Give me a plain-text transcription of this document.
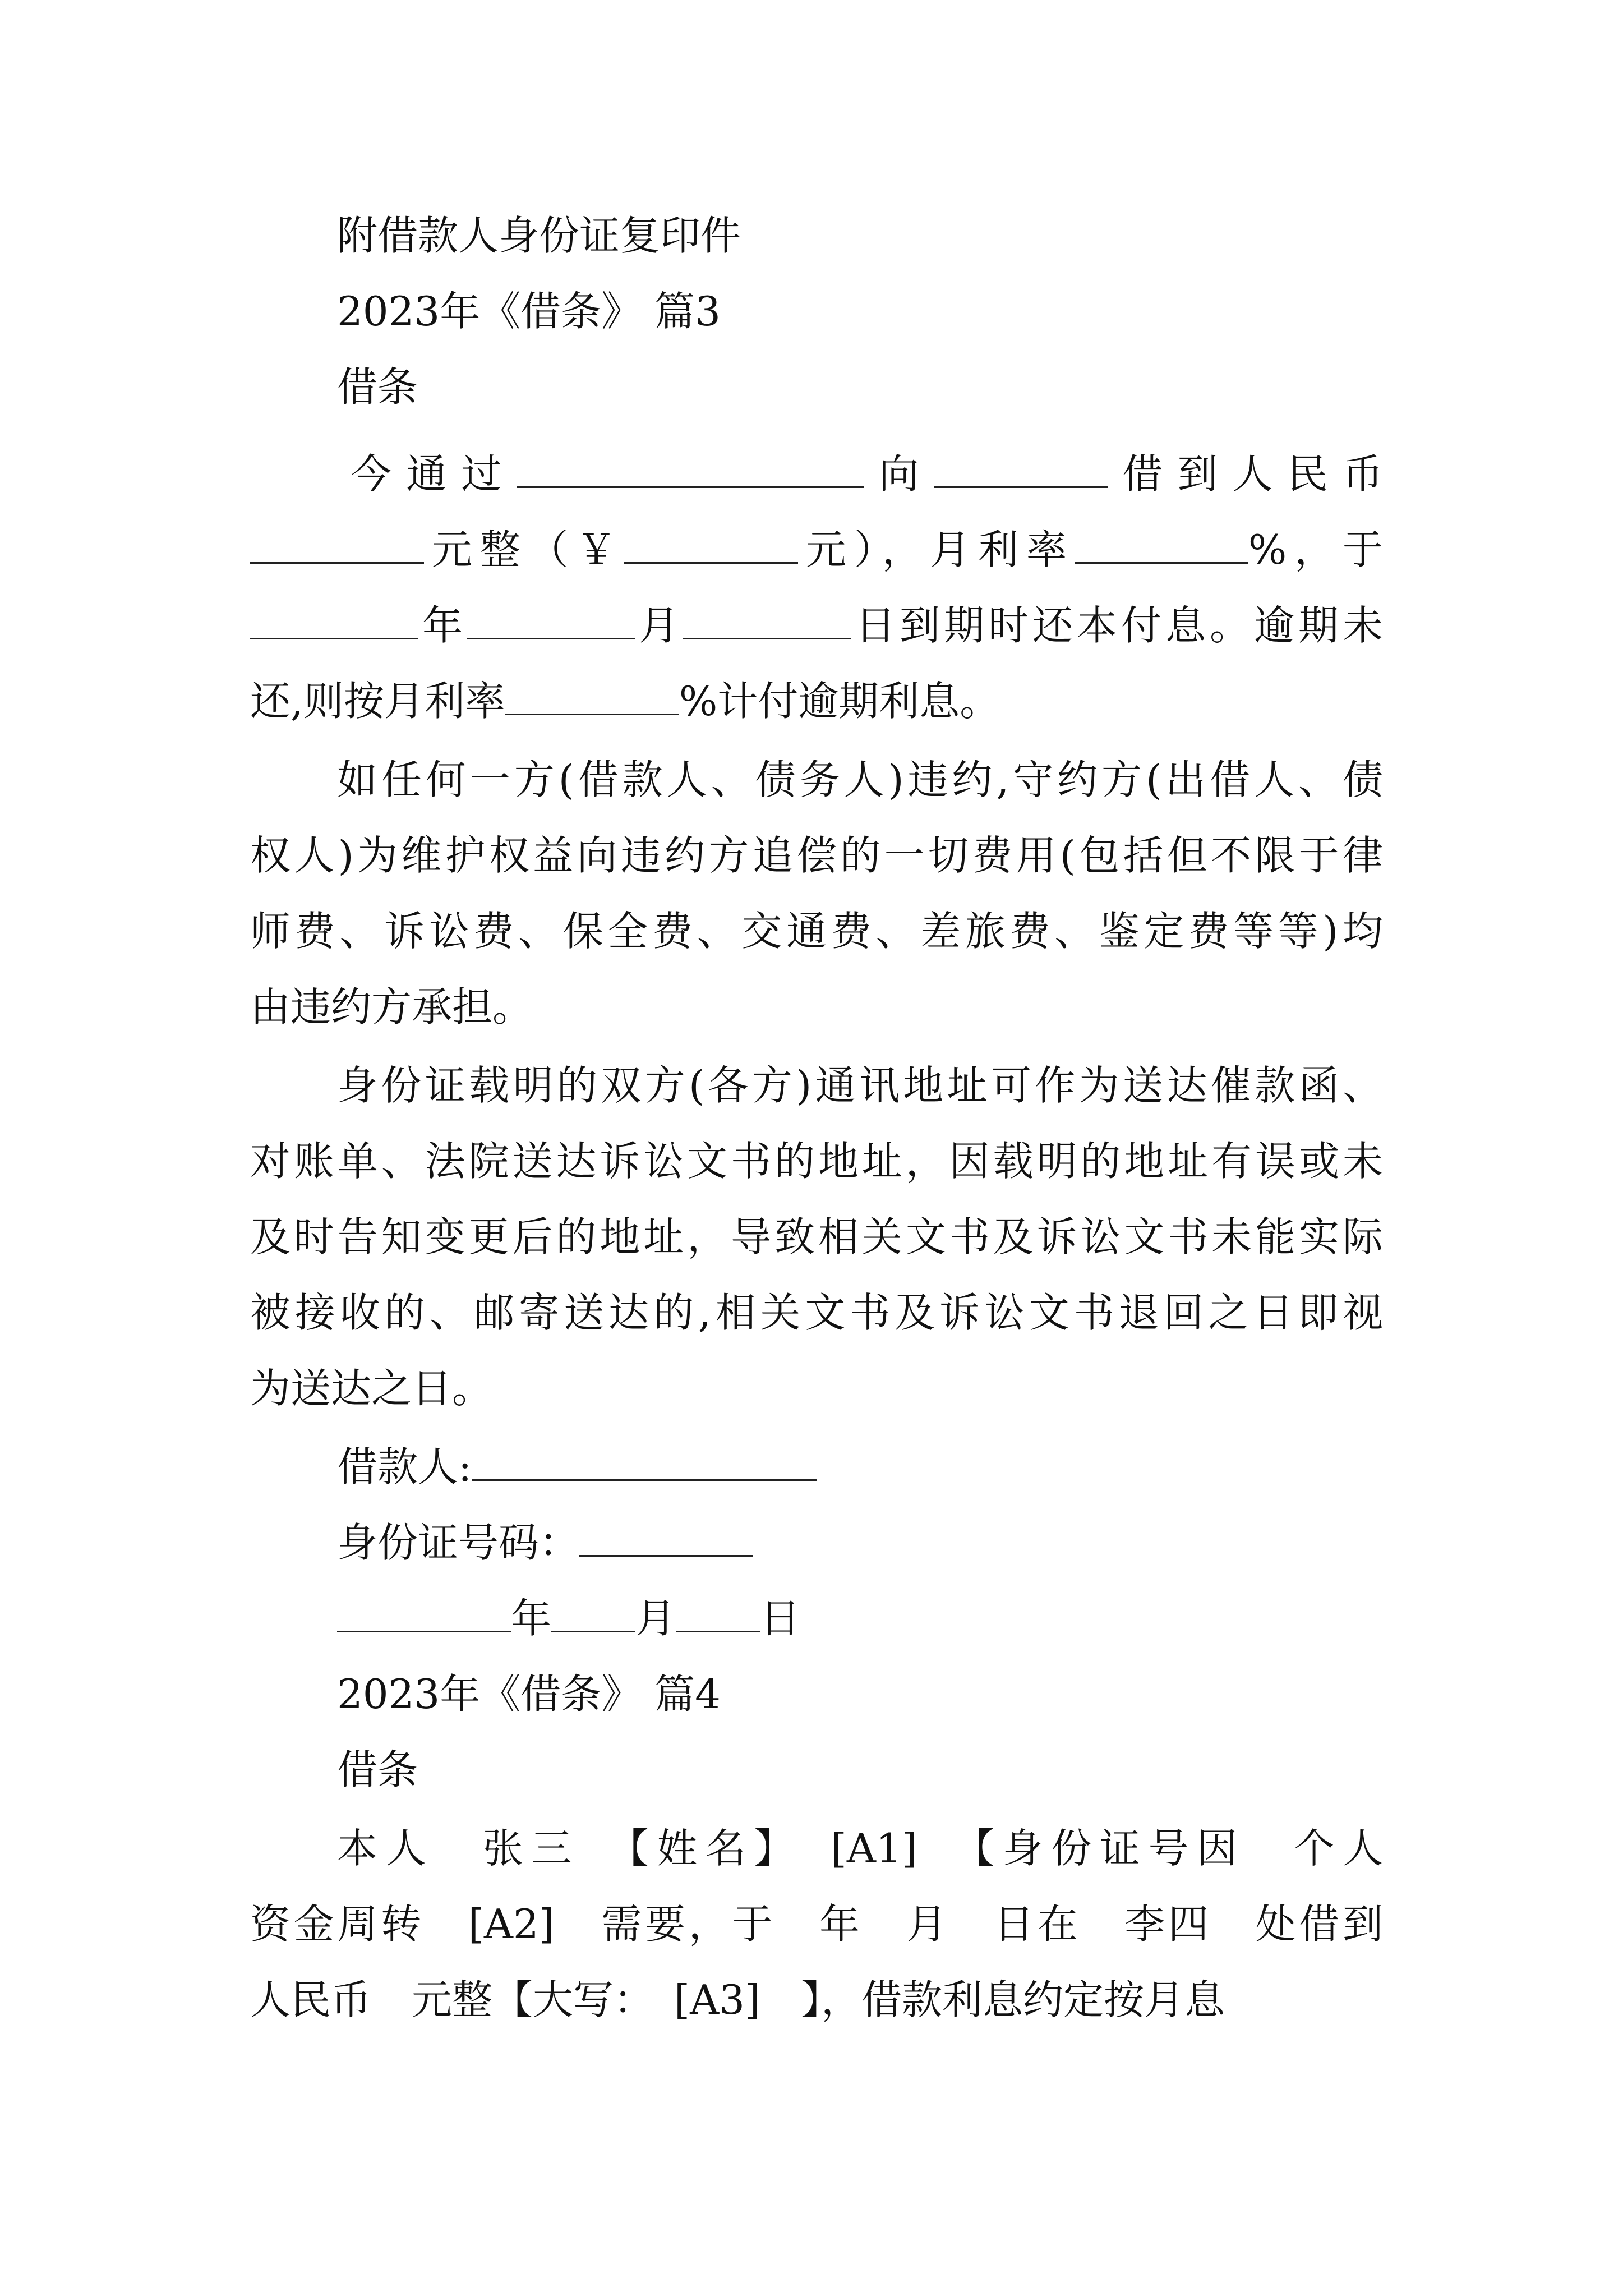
附借款人身份证复印件
2023年《借条》 篇3
借条
今通过	向	借到人民币
元整（￥	元），月利率	%，于
年	月	日到期时还本付息。逾期未
还,则按月利率	%计付逾期利息。
如任何一方(借款人、债务人)违约,守约方(出借人、债
权人)为维护权益向违约方追偿的一切费用(包括但不限于律
师费、诉讼费、保全费、交通费、差旅费、鉴定费等等)均
由违约方承担。
身份证载明的双方(各方)通讯地址可作为送达催款函、
对账单、法院送达诉讼文书的地址，因载明的地址有误或未
及时告知变更后的地址，导致相关文书及诉讼文书未能实际
被接收的、邮寄送达的,相关文书及诉讼文书退回之日即视
为送达之日。
借款人:
身份证号码：
年 月 日
2023年《借条》 篇4
借条
本人　张三　【姓名】　[A1]　【身份证号因　个人
资金周转　[A2]　需要，于　年　月　日在　李四　处借到
人民币　元整【大写：　[A3]　】，借款利息约定按月息
